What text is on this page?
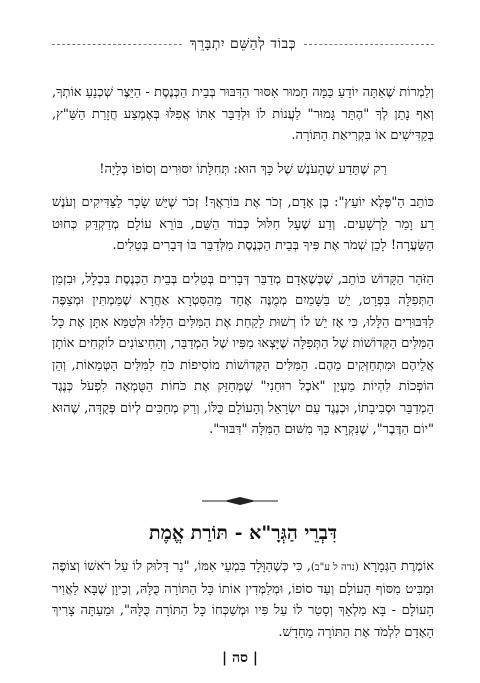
כְּבוֹד לְהַשֵּׁם יִתְבָּרֵךְ

וְלַמְרוֹת שֶׁאַתָּה יוֹדֵעַ כַּמָּה חָמוּר אִסּוּר הַדִּבּוּר בְּבֵית הַכְּנֶסֶת - הַיֵּצֶר שְׁכְנֵעַ אוֹתְךָ, וְאַף נָתַן לְךָ "הֶתֵּר גָּמוּר" לַעֲנוֹת לוֹ וּלְדַבֵּר אִתּוֹ אֲפִלּוּ בְּאֶמְצַע חֲזָרַת הַשַּׁ"ץ, בְּקַדִּישִׁים אוֹ בִּקְרִיאַת הַתּוֹרָה.

רַק שֶׁתֵּדַע שֶׁהָעֹנֶשׁ שֶׁל כָּךְ הוּא: תְּחִלָּתוֹ יִסּוּרִים וְסוֹפוֹ כְּלָיָה!

כּוֹתֵב הַ"פֶּלֶא יוֹעֵץ": בֶּן אָדָם, זְכֹר אֶת בּוֹרַאֲךָ! זְכֹר שֶׁיֵּשׁ שָׂכָר לַצַּדִּיקִים וְעֹנֶשׁ רַע וָמַר לָרְשָׁעִים. וְדַע שֶׁעָל חִלּוּל כְּבוֹד הַשֵּׁם, בּוֹרֵא עוֹלָם מְדַקְדֵּק כְּחוּט הַשַּׂעֲרָה! לָכֵן שְׁמֹר אֶת פִּיךָ בְּבֵית הַכְּנֶסֶת מִלְּדַבֵּר בּוֹ דְּבָרִים בְּטֵלִים.

הַזֹּהַר הַקָּדוֹשׁ כּוֹתֵב, שֶׁכְּשֶׁאָדָם מְדַבֵּר דְּבָרִים בְּטֵלִים בְּבֵית הַכְּנֶסֶת בִּכְלָל, וּבִזְמַן הַתְּפִלָּה בִּפְרָט, יֵשׁ בַּשָּׁמַיִם מְמֻנֶּה אֶחָד מֵהַסִּטְרָא אַחֲרָא שֶׁמַּמְתִּין וּמְצַפֶּה לַדִּבּוּרִים הַלָּלוּ, כִּי אָז יֵשׁ לוֹ רְשׁוּת לָקַחַת אֶת הַמִּלִּים הַלָּלוּ וּלְטַמֵּא אִתָּן אֶת כָּל הַמִּלִּים הַקְּדוֹשׁוֹת שֶׁל הַתְּפִלָּה שֶׁיָּצְאוּ מִפִּיו שֶׁל הַמְדַבֵּר, וְהַחִיצוֹנִים לוֹקְחִים אוֹתָן אֲלֵיהֶם וּמִתְחַזְּקִים מֵהֶם. הַמִּלִּים הַקְּדוֹשׁוֹת מוֹסִיפוֹת כֹּחַ לַמִּלִּים הַטְּמֵאוֹת, וְהֵן הוֹפְכוֹת לִהְיוֹת מַעְיַן "אֹכֶל רוּחַנִי" שֶׁמְּחַזֵּק אֶת כֹּחוֹת הַטֻּמְאָה לִפְעֹל כְּנֶגֶד הַמְדַבֵּר וּסְבִיבָתוֹ, וּכְנֶגֶד עַם יִשְׂרָאֵל וְהָעוֹלָם כֻּלּוֹ, וְרַק מְחַכִּים לְיוֹם פְּקֻדָּה, שֶׁהוּא "יוֹם הַדֶּבֶר", שֶׁנִּקְרָא כָּךְ מִשּׁוּם הַמִּלָּה "דִּבּוּר".

דִּבְרֵי הַגְּרָ"א - תּוֹרַת אֱמֶת
אוֹמֶרֶת הַגְּמָרָא (נדה ל ע"ב), כִּי כְּשֶׁהַוָּלָד בִּמְעֵי אִמּוֹ, "נֵר דָּלוּק לוֹ עַל רֹאשׁוֹ וְצוֹפֶה וּמַבִּיט מִסּוֹף הָעוֹלָם וְעַד סוֹפוֹ, וּמְלַמְּדִין אוֹתוֹ כָּל הַתּוֹרָה כֻּלָּהּ, וְכֵיוָן שֶׁבָּא לַאֲוִיר הָעוֹלָם - בָּא מַלְאָךְ וְסָטַר לוֹ עַל פִּיו וּמְשַׁכְּחוֹ כָּל הַתּוֹרָה כֻּלָּהּ", וּמֵעַתָּה צָרִיךְ הָאָדָם לִלְמֹד אֶת הַתּוֹרָה מֵחָדָשׁ.
| סה |
